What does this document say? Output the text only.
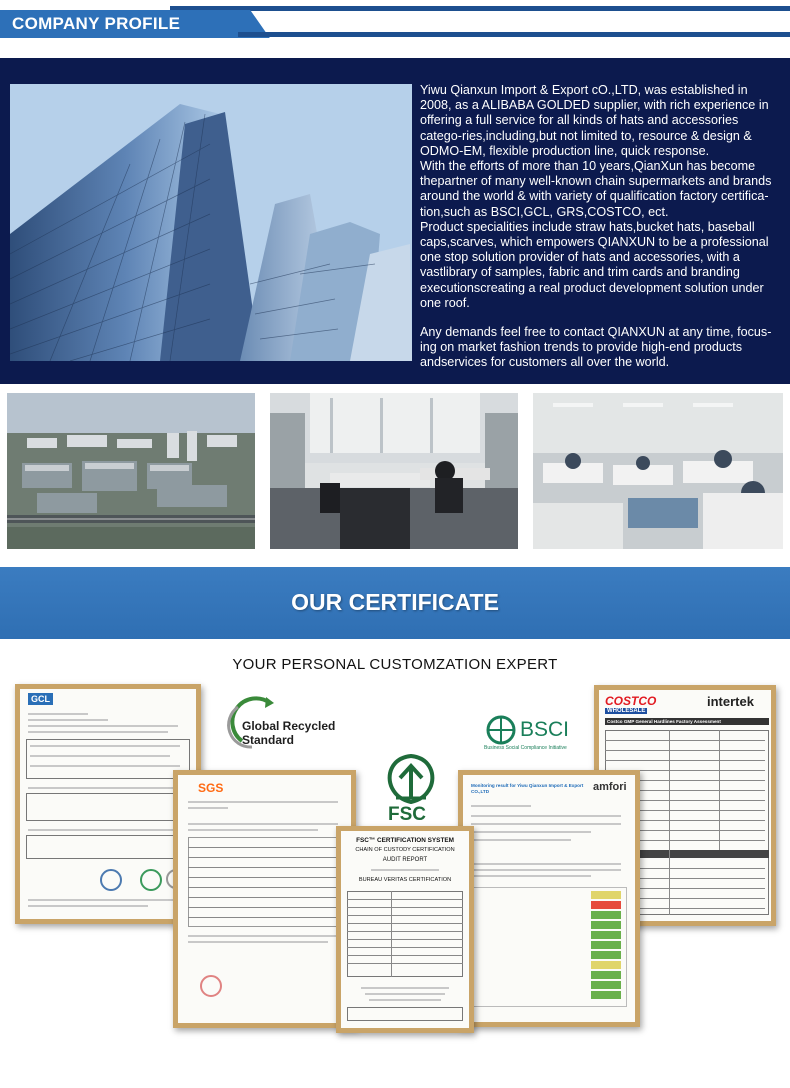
COMPANY PROFILE

Yiwu Qianxun Import & Export cO.,LTD, was established in 2008, as a ALIBABA GOLDED supplier, with rich experience in offering a full service for all kinds of hats and accessories catego-ries,including,but not limited to, resource & design & ODMO-EM, flexible production line, quick response.

With the efforts of more than 10 years,QianXun has become thepartner of many well-known chain supermarkets and brands around the world & with variety of qualification factory certifica-tion,such as BSCI,GCL, GRS,COSTCO, ect.

Product specialities include straw hats,bucket hats, baseball caps,scarves, which empowers QIANXUN to be a professional one stop solution provider of hats and accessories, with a vastlibrary of samples, fabric and trim cards and branding executionscreating a real product development solution under one roof.

Any demands feel free to contact QIANXUN at any time, focus-ing on market fashion trends to provide high-end products andservices for customers all over the world.

OUR CERTIFICATE
YOUR PERSONAL CUSTOMZATION EXPERT
Global Recycled
Standard
FSC
BSCI
Business Social Compliance Initiative
GCL	COSTCO
WHOLESALE
intertek
Costco GMP General Hardlines Factory Assessment
SGS	amfori
Monitoring result for Yiwu Qianxun Import & Export CO.,LTD
FSC™ CERTIFICATION SYSTEM
CHAIN OF CUSTODY CERTIFICATION
AUDIT REPORT
BUREAU VERITAS CERTIFICATION
